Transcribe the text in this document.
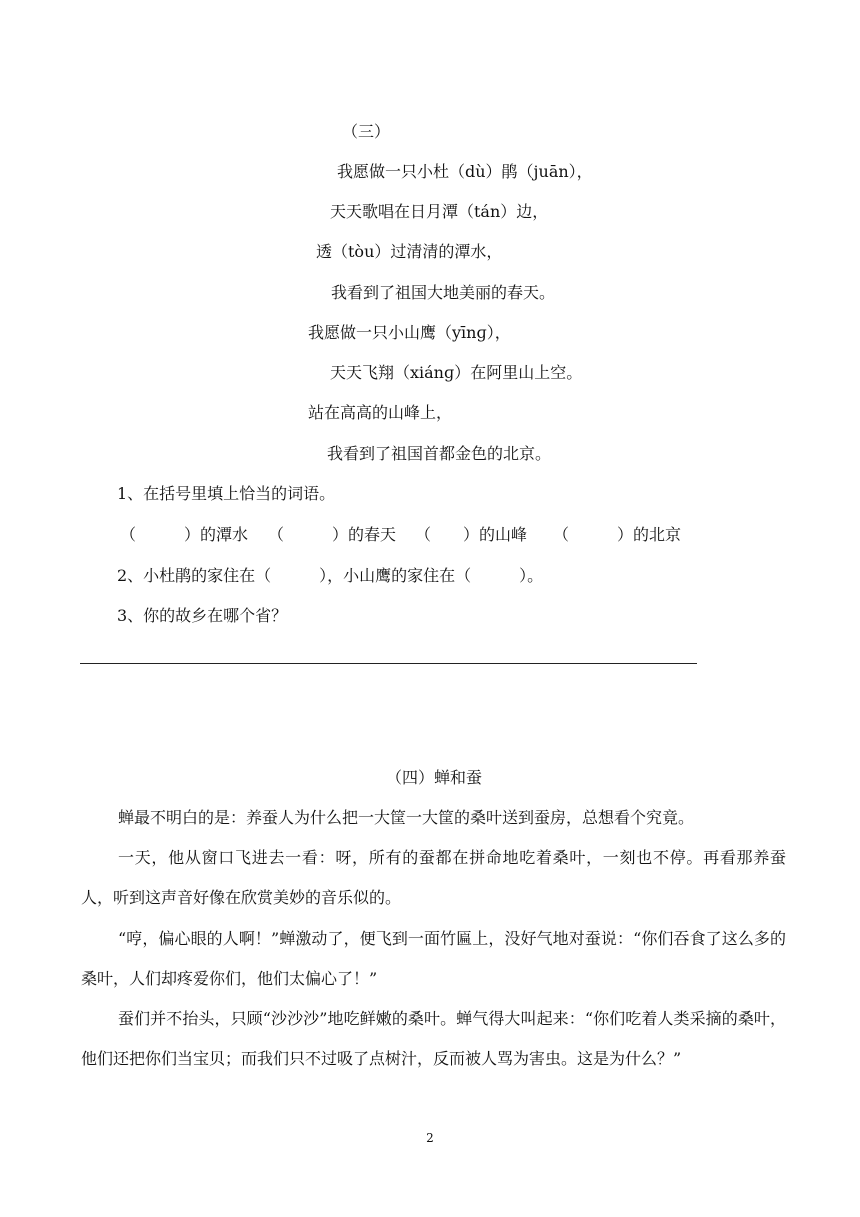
（三）
我愿做一只小杜（dù）鹃（juān），
天天歌唱在日月潭（tán）边，
透（tòu）过清清的潭水，
我看到了祖国大地美丽的春天。
我愿做一只小山鹰（yīnɡ），
天天飞翔（xiánɡ）在阿里山上空。
站在高高的山峰上，
我看到了祖国首都金色的北京。
1、在括号里填上恰当的词语。
（　　　）的潭水 （　　　）的春天 （　　）的山峰 （　　　）的北京
2、小杜鹃的家住在（　　　），小山鹰的家住在（　　　）。
3、你的故乡在哪个省？
（四）蝉和蚕
蝉最不明白的是：养蚕人为什么把一大筐一大筐的桑叶送到蚕房，总想看个究竟。
一天，他从窗口飞进去一看：呀，所有的蚕都在拼命地吃着桑叶，一刻也不停。再看那养蚕人，听到这声音好像在欣赏美妙的音乐似的。
“哼，偏心眼的人啊！”蝉激动了，便飞到一面竹匾上，没好气地对蚕说：“你们吞食了这么多的桑叶，人们却疼爱你们，他们太偏心了！”
蚕们并不抬头，只顾“沙沙沙”地吃鲜嫩的桑叶。蝉气得大叫起来：“你们吃着人类采摘的桑叶，他们还把你们当宝贝；而我们只不过吸了点树汁，反而被人骂为害虫。这是为什么？”
2
